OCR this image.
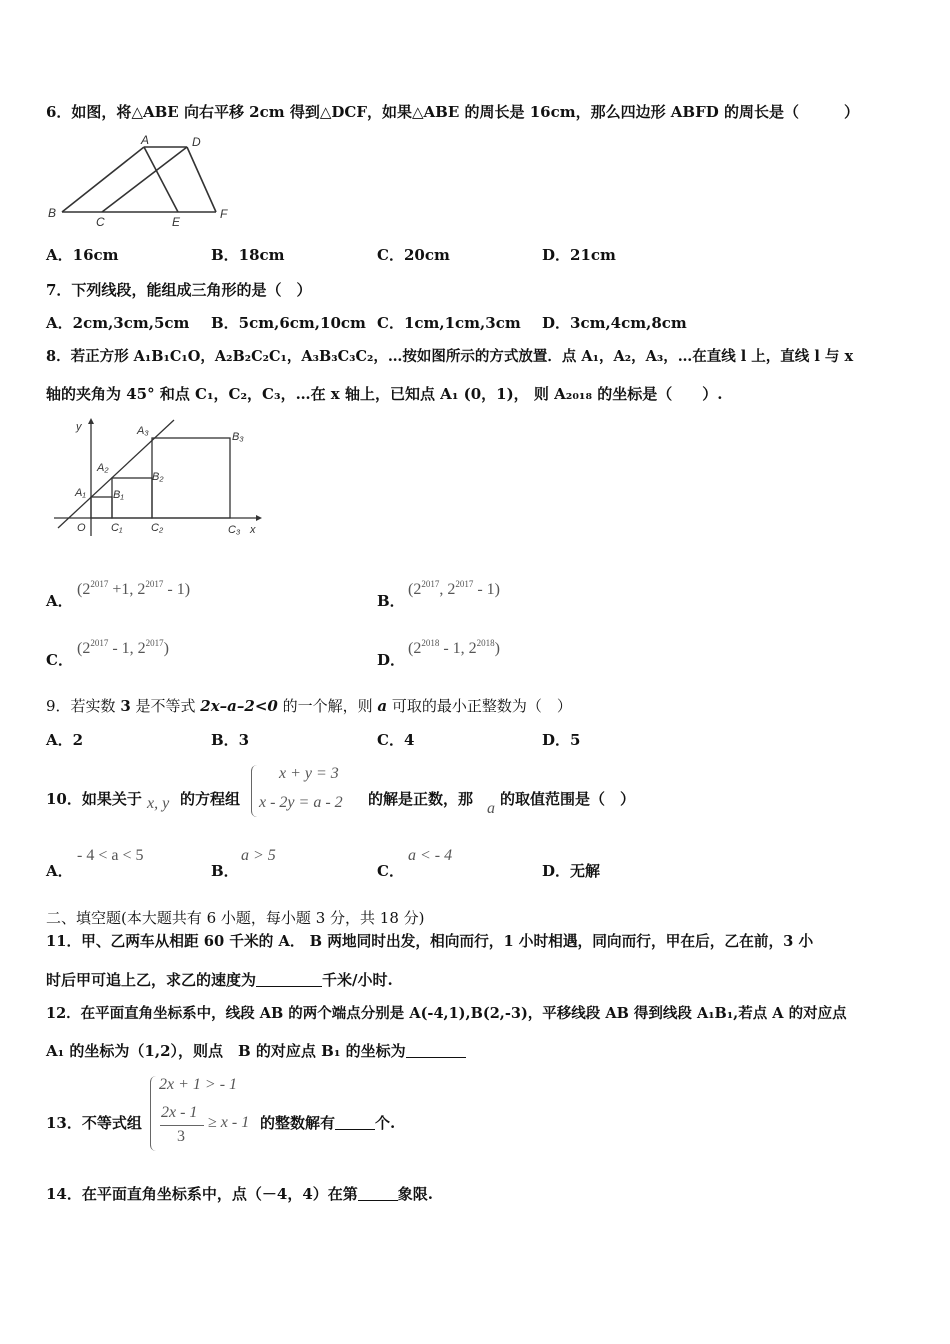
6．如图，将△ABE 向右平移 2cm 得到△DCF，如果△ABE 的周长是 16cm，那么四边形 ABFD 的周长是（　　　）
A	D
B
C	E
F
A．16cm	B．18cm	C．20cm	D．21cm
7．下列线段，能组成三角形的是（　）
A．2cm,3cm,5cm B．5cm,6cm,10cm C．1cm,1cm,3cm D．3cm,4cm,8cm
8．若正方形 A₁B₁C₁O，A₂B₂C₂C₁，A₃B₃C₃C₂，…按如图所示的方式放置．点 A₁，A₂，A₃，…在直线 l 上，直线 l 与 x
轴的夹角为 45° 和点 C₁，C₂，C₃，…在 x 轴上，已知点 A₁ (0，1)， 则 A₂₀₁₈ 的坐标是（　　）.
y
x
O
A₁
A₂
A₃
B₁
B₂
B₃
C₁	C₂	C₃
A．
($2^{2017} +1$, $2^{2017} - 1$)
B．
($2^{2017}$, $2^{2017} - 1$)
C．
($2^{2017} - 1$, $2^{2017}$)
D．
($2^{2018} - 1$, $2^{2018}$)
9．若实数 3 是不等式 2x–a–2<0 的一个解，则 a 可取的最小正整数为（　）
A．2	B．3	C．4	D．5
10．如果关于 x, y 的方程组
x + y = 3
x - 2y = a - 2 的解是正数，那
a
的取值范围是（　）
A．
- 4 < a < 5
B．
a > 5
C．
a < - 4
D．无解
二、填空题(本大题共有 6 小题，每小题 3 分，共 18 分)
11．甲、乙两车从相距 60 千米的 A． B 两地同时出发，相向而行，1 小时相遇，同向而行，甲在后，乙在前，3 小
时后甲可追上乙，求乙的速度为	千米/小时.
12．在平面直角坐标系中，线段 AB 的两个端点分别是 A(-4,1),B(2,-3)，平移线段 AB 得到线段 A₁B₁,若点 A 的对应点
A₁ 的坐标为（1,2），则点　B 的对应点 B₁ 的坐标为
13．不等式组
2x + 1 > - 1
2x - 1
3
≥ x - 1 的整数解有	个.
14．在平面直角坐标系中，点（－4，4）在第	象限.
